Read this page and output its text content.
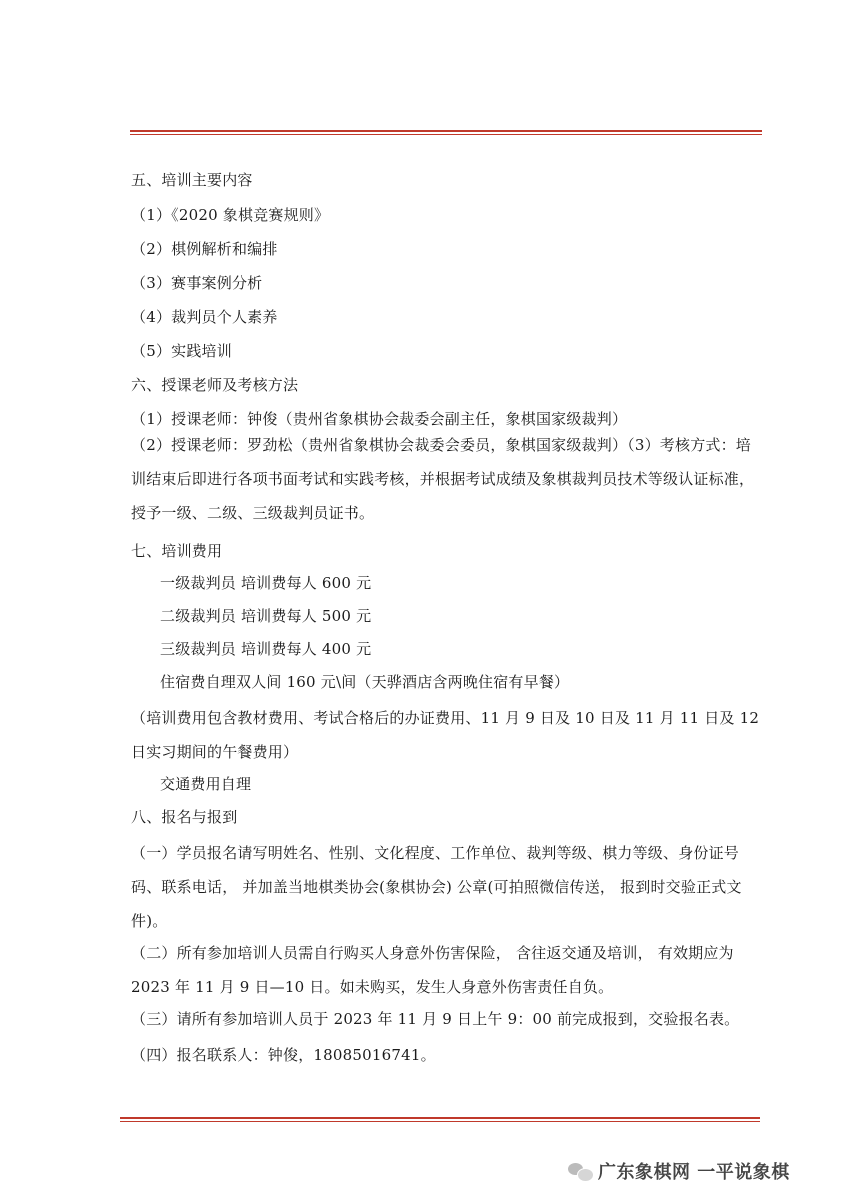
五、培训主要内容
（1）《2020 象棋竞赛规则》
（2）棋例解析和编排
（3）赛事案例分析
（4）裁判员个人素养
（5）实践培训
六、授课老师及考核方法
（1）授课老师：钟俊（贵州省象棋协会裁委会副主任，象棋国家级裁判）
（2）授课老师：罗劲松（贵州省象棋协会裁委会委员，象棋国家级裁判）（3）考核方式：培训结束后即进行各项书面考试和实践考核，并根据考试成绩及象棋裁判员技术等级认证标准，授予一级、二级、三级裁判员证书。
七、培训费用
一级裁判员 培训费每人 600 元
二级裁判员 培训费每人 500 元
三级裁判员 培训费每人 400 元
住宿费自理双人间 160 元\间（天骅酒店含两晚住宿有早餐）
（培训费用包含教材费用、考试合格后的办证费用、11 月 9 日及 10 日及 11 月 11 日及 12 日实习期间的午餐费用）
交通费用自理
八、报名与报到
（一）学员报名请写明姓名、性别、文化程度、工作单位、裁判等级、棋力等级、身份证号码、联系电话， 并加盖当地棋类协会(象棋协会) 公章(可拍照微信传送， 报到时交验正式文件)。
（二）所有参加培训人员需自行购买人身意外伤害保险， 含往返交通及培训， 有效期应为 2023 年 11 月 9 日—10 日。如未购买，发生人身意外伤害责任自负。
（三）请所有参加培训人员于 2023 年 11 月 9 日上午 9：00 前完成报到，交验报名表。
（四）报名联系人：钟俊，18085016741。
广东象棋网 一平说象棋
